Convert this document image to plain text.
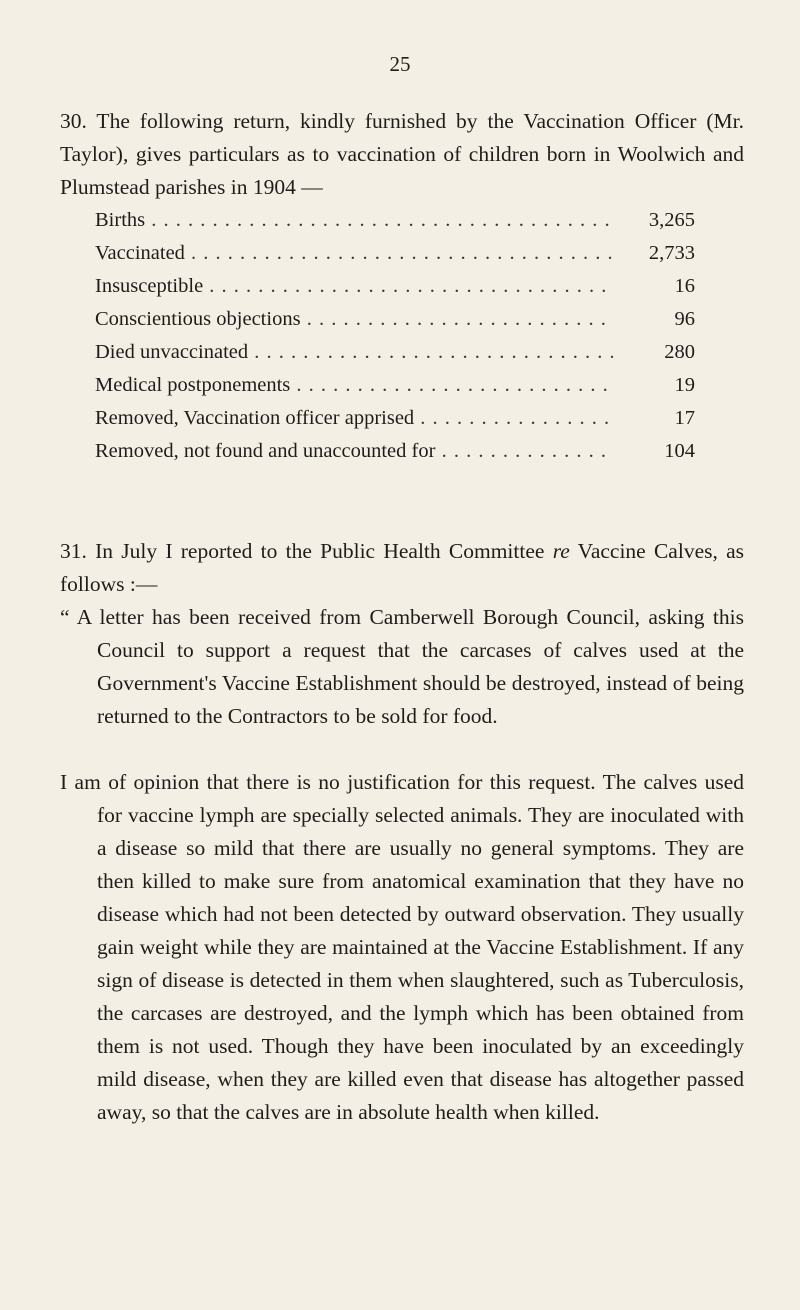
25

30. The following return, kindly furnished by the Vaccination Officer (Mr. Taylor), gives particulars as to vaccination of children born in Woolwich and Plumstead parishes in 1904 —

Births . . .	3,265
Vaccinated . . .	2,733
Insusceptible . . .	16
Conscientious objections . . .	96
Died unvaccinated . . .	280
Medical postponements . . .	19
Removed, Vaccination officer apprised . . .	17
Removed, not found and unaccounted for . . .	104

31. In July I reported to the Public Health Committee re Vaccine Calves, as follows :—

“ A letter has been received from Camberwell Borough Council, asking this Council to support a request that the carcases of calves used at the Government's Vaccine Establishment should be destroyed, instead of being returned to the Contractors to be sold for food.

I am of opinion that there is no justification for this request. The calves used for vaccine lymph are specially selected animals. They are inoculated with a disease so mild that there are usually no general symptoms. They are then killed to make sure from anatomical examination that they have no disease which had not been detected by outward observation. They usually gain weight while they are maintained at the Vaccine Establishment. If any sign of disease is detected in them when slaughtered, such as Tuberculosis, the carcases are destroyed, and the lymph which has been obtained from them is not used. Though they have been inoculated by an exceedingly mild disease, when they are killed even that disease has altogether passed away, so that the calves are in absolute health when killed.
